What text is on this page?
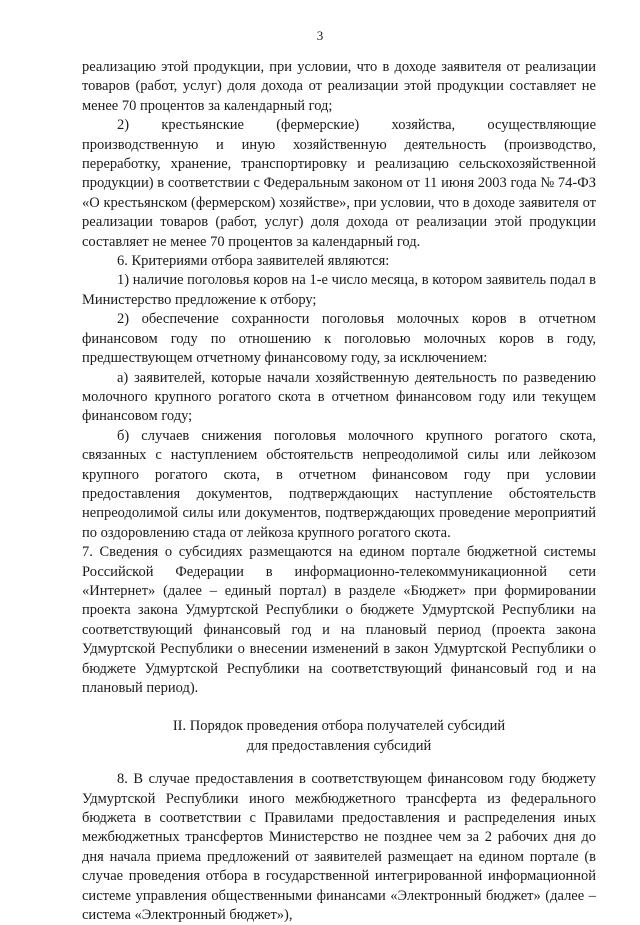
3

реализацию этой продукции, при условии, что в доходе заявителя от реализации товаров (работ, услуг) доля дохода от реализации этой продукции составляет не менее 70 процентов за календарный год;

2) крестьянские (фермерские) хозяйства, осуществляющие производственную и иную хозяйственную деятельность (производство, переработку, хранение, транспортировку и реализацию сельскохозяйственной продукции) в соответствии с Федеральным законом от 11 июня 2003 года № 74-ФЗ «О крестьянском (фермерском) хозяйстве», при условии, что в доходе заявителя от реализации товаров (работ, услуг) доля дохода от реализации этой продукции составляет не менее 70 процентов за календарный год.

6. Критериями отбора заявителей являются:

1) наличие поголовья коров на 1-е число месяца, в котором заявитель подал в Министерство предложение к отбору;

2) обеспечение сохранности поголовья молочных коров в отчетном финансовом году по отношению к поголовью молочных коров в году, предшествующем отчетному финансовому году, за исключением:

а) заявителей, которые начали хозяйственную деятельность по разведению молочного крупного рогатого скота в отчетном финансовом году или текущем финансовом году;

б) случаев снижения поголовья молочного крупного рогатого скота, связанных с наступлением обстоятельств непреодолимой силы или лейкозом крупного рогатого скота, в отчетном финансовом году при условии предоставления документов, подтверждающих наступление обстоятельств непреодолимой силы или документов, подтверждающих проведение мероприятий по оздоровлению стада от лейкоза крупного рогатого скота.

7. Сведения о субсидиях размещаются на едином портале бюджетной системы Российской Федерации в информационно-телекоммуникационной сети «Интернет» (далее – единый портал) в разделе «Бюджет» при формировании проекта закона Удмуртской Республики о бюджете Удмуртской Республики на соответствующий финансовый год и на плановый период (проекта закона Удмуртской Республики о внесении изменений в закон Удмуртской Республики о бюджете Удмуртской Республики на соответствующий финансовый год и на плановый период).

II. Порядок проведения отбора получателей субсидий

для предоставления субсидий

8. В случае предоставления в соответствующем финансовом году бюджету Удмуртской Республики иного межбюджетного трансферта из федерального бюджета в соответствии с Правилами предоставления и распределения иных межбюджетных трансфертов Министерство не позднее чем за 2 рабочих дня до дня начала приема предложений от заявителей размещает на едином портале (в случае проведения отбора в государственной интегрированной информационной системе управления общественными финансами «Электронный бюджет» (далее – система «Электронный бюджет»),
